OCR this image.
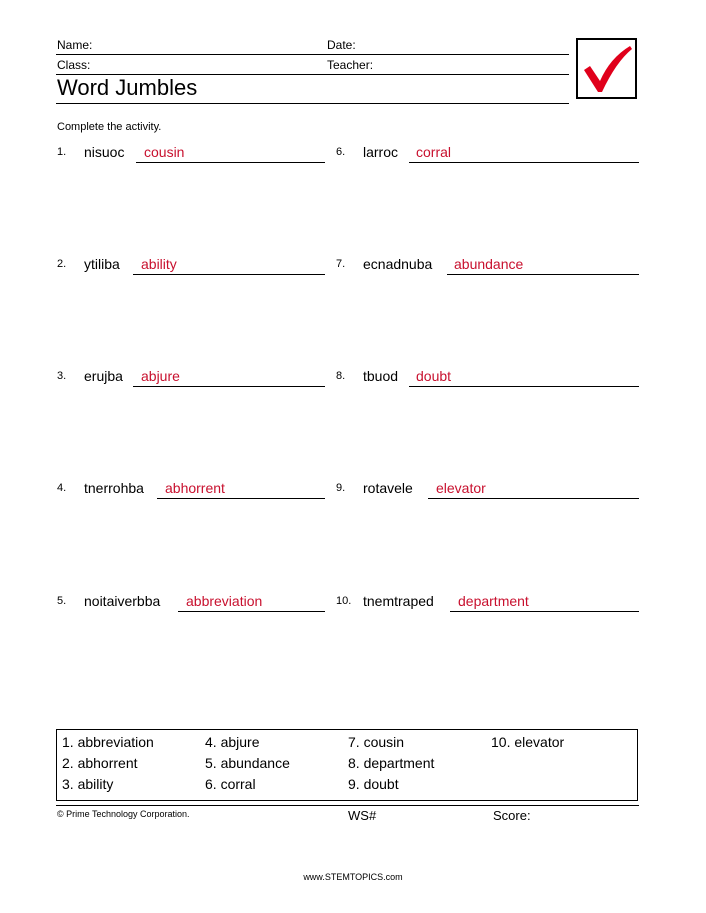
Name:	Date:
Class:	Teacher:
Word Jumbles
Complete the activity.
1. nisuoc cousin
2. ytiliba ability
3. erujba abjure
4. tnerrohba abhorrent
5. noitaiverbba abbreviation
6. larroc corral
7. ecnadnuba abundance
8. tbuod doubt
9. rotavele elevator
10. tnemtraped department
1. abbreviation
2. abhorrent
3. ability
4. abjure
5. abundance
6. corral
7. cousin
8. department
9. doubt
10. elevator
© Prime Technology Corporation.	WS#	Score:
www.STEMTOPICS.com
